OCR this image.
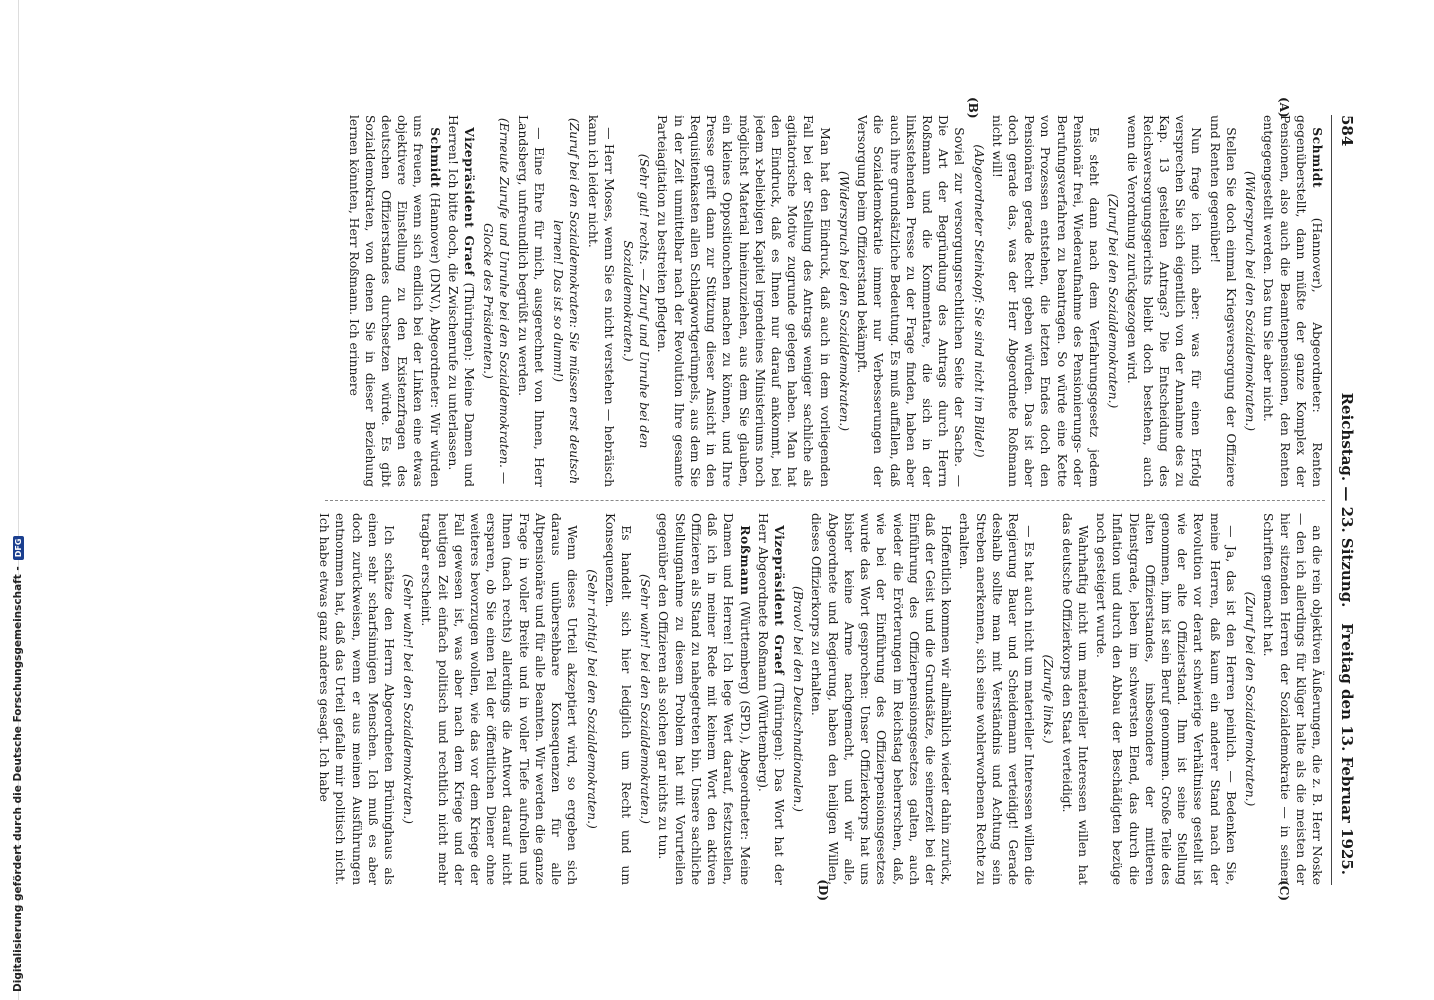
Digitalisierung gefördert durch die Deutsche Forschungsgemeinschaft -
DFG
584
Reichstag. — 23. Sitzung.
Freitag den 13. Februar 1925.
(A)
(B)
(C)
(D)

Schmidt (Hannover), Abgeordneter: Renten gegenüberstellt, dann müßte der ganze Komplex der Pensionen, also auch die Beamtenpensionen, den Renten entgegengestellt werden. Das tun Sie aber nicht.

(Widerspruch bei den Sozialdemokraten.)

Stellen Sie doch einmal Kriegsversorgung der Offiziere und Renten gegenüber!

Nun frage ich mich aber: was für einen Erfolg versprechen Sie sich eigentlich von der Annahme des zu Kap. 13 gestellten Antrags? Die Entscheidung des Reichsversorgungsgerichts bleibt doch bestehen, auch wenn die Verordnung zurückgezogen wird.

(Zuruf bei den Sozialdemokraten.)

Es steht dann nach dem Verfahrungsgesetz jedem Pensionär frei, Wiederaufnahme des Pensionierungs- oder Berufungsverfahren zu beantragen. So würde eine Kette von Prozessen entstehen, die letzten Endes doch den Pensionären gerade Recht geben würden. Das ist aber doch gerade das, was der Herr Abgeordnete Roßmann nicht will!

(Abgeordneter Steinkopf: Sie sind nicht im Bilde!)

Soviel zur versorgungsrechtlichen Seite der Sache. — Die Art der Begründung des Antrags durch Herrn Roßmann und die Kommentare, die sich in der linksstehenden Presse zu der Frage finden, haben aber auch ihre grundsätzliche Bedeutung. Es muß auffallen, daß die Sozialdemokratie immer nur Verbesserungen der Versorgung beim Offizierstand bekämpft.

(Widerspruch bei den Sozialdemokraten.)

Man hat den Eindruck, daß auch in dem vorliegenden Fall bei der Stellung des Antrags weniger sachliche als agitatorische Motive zugrunde gelegen haben. Man hat den Eindruck, daß es Ihnen nur darauf ankommt, bei jedem x-beliebigen Kapitel irgendeines Ministeriums noch möglichst Material hineinzuziehen, aus dem Sie glauben, ein kleines Oppositionchen machen zu können, und Ihre Presse greift dann zur Stützung dieser Ansicht in den Requisitenkasten allen Schlagwortgerümpels, aus dem Sie in der Zeit unmittelbar nach der Revolution Ihre gesamte Parteiagitation zu bestreiten pflegten.

(Sehr gut! rechts. — Zuruf und Unruhe bei den Sozialdemokraten.)

— Herr Moses, wenn Sie es nicht verstehen — hebräisch kann ich leider nicht.

(Zuruf bei den Sozialdemokraten: Sie müssen erst deutsch lernen! Das ist so dumm!)

— Eine Ehre für mich, ausgerechnet von Ihnen, Herr Landsberg, unfreundlich begrüßt zu werden.

(Erneute Zurufe und Unruhe bei den Sozialdemokraten. — Glocke des Präsidenten.)

Vizepräsident Graef (Thüringen): Meine Damen und Herren! Ich bitte doch, die Zwischenrufe zu unterlassen.

Schmidt (Hannover) (DNV.), Abgeordneter: Wir würden uns freuen, wenn sich endlich bei der Linken eine etwas objektivere Einstellung zu den Existenzfragen des deutschen Offizierstandes durchsetzen würde. Es gibt Sozialdemokraten, von denen Sie in dieser Beziehung lernen könnten, Herr Roßmann. Ich erinnere

an die rein objektiven Äußerungen, die z. B. Herr Noske — den ich allerdings für klüger halte als die meisten der hier sitzenden Herren der Sozialdemokratie — in seinen Schriften gemacht hat.

(Zuruf bei den Sozialdemokraten.)

— Ja, das ist den Herren peinlich. — Bedenken Sie, meine Herren, daß kaum ein anderer Stand nach der Revolution vor derart schwierige Verhältnisse gestellt ist wie der alte Offizierstand. Ihm ist seine Stellung genommen, ihm ist sein Beruf genommen. Große Teile des alten Offizierstandes, insbesondere der mittleren Dienstgrade, leben im schwersten Elend, das durch die Inflation und durch den Abbau der Beschädigten bezüge noch gesteigert wurde.

Wahrhaftig nicht um materieller Interessen willen hat das deutsche Offizierkorps den Staat verteidigt.

(Zurufe links.)

— Es hat auch nicht um materieller Interessen willen die Regierung Bauer und Scheidemann verteidigt! Gerade deshalb sollte man mit Verständnis und Achtung sein Streben anerkennen, sich seine wohlerworbenen Rechte zu erhalten.

Hoffentlich kommen wir allmählich wieder dahin zurück, daß der Geist und die Grundsätze, die seinerzeit bei der Einführung des Offizierpensionsgesetzes galten, auch wieder die Erörterungen im Reichstag beherrschen, daß, wie bei der Einführung des Offizierpensionsgesetzes wurde das Wort gesprochen: Unser Offizierkorps hat uns bisher keine Arme nachgemacht, und wir alle, Abgeordnete und Regierung, haben den heiligen Willen, dieses Offizierkorps zu erhalten.

(Bravo! bei den Deutschnationalen.)

Vizepräsident Graef (Thüringen): Das Wort hat der Herr Abgeordnete Roßmann (Württemberg).

Roßmann (Württemberg) (SPD.), Abgeordneter: Meine Damen und Herren! Ich lege Wert darauf, festzustellen, daß ich in meiner Rede mit keinem Wort den aktiven Offizieren als Stand zu nahegetreten bin. Unsere sachliche Stellungnahme zu diesem Problem hat mit Vorurteilen gegenüber den Offizieren als solchen gar nichts zu tun.

(Sehr wahr! bei den Sozialdemokraten.)

Es handelt sich hier lediglich um Recht und um Konsequenzen.

(Sehr richtig! bei den Sozialdemokraten.)

Wenn dieses Urteil akzeptiert wird, so ergeben sich daraus unübersehbare Konsequenzen für alle Altpensionäre und für alle Beamten. Wir werden die ganze Frage in voller Breite und in voller Tiefe aufrollen und Ihnen (nach rechts) allerdings die Antwort darauf nicht ersparen, ob Sie einen Teil der öffentlichen Diener ohne weiteres bevorzugen wollen, wie das vor dem Kriege der Fall gewesen ist, was aber nach dem Kriege und der heutigen Zeit einfach politisch und rechtlich nicht mehr tragbar erscheint.

(Sehr wahr! bei den Sozialdemokraten.)

Ich schätze den Herrn Abgeordneten Brüninghaus als einen sehr scharfsinnigen Menschen. Ich muß es aber doch zurückweisen, wenn er aus meinen Ausführungen entnommen hat, daß das Urteil gefalle mir politisch nicht. Ich habe etwas ganz anderes gesagt. Ich habe
